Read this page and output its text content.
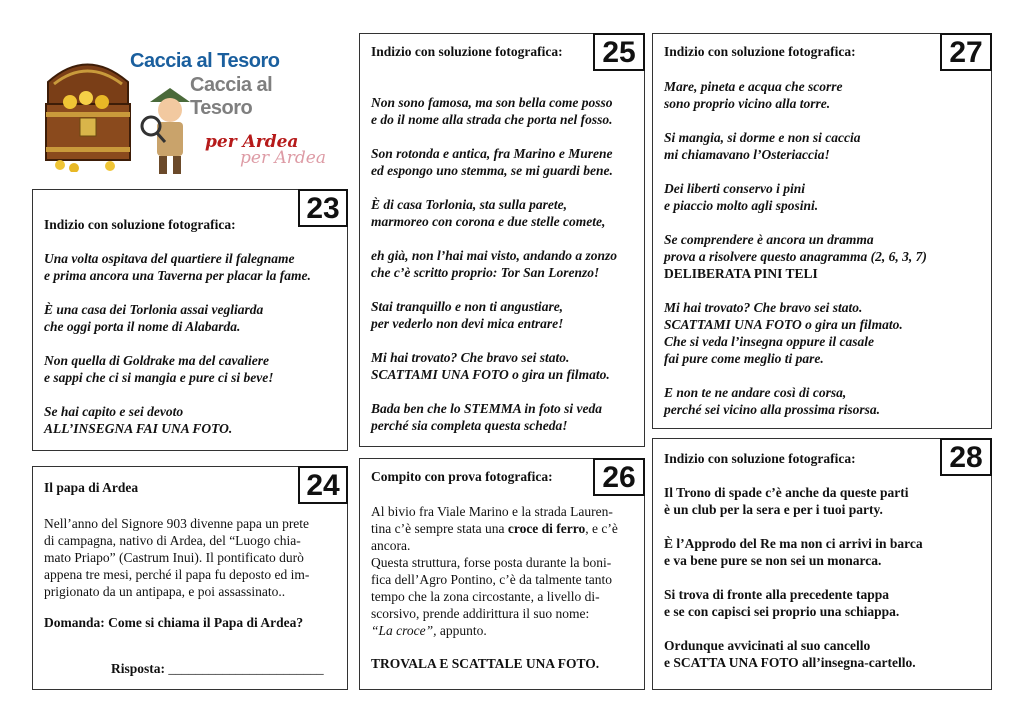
Caccia al Tesoro
Caccia al Tesoro
per Ardea
per Ardea
23
Indizio con soluzione fotografica:
Una volta ospitava del quartiere il falegname
e prima ancora una Taverna per placar la fame.
È una casa dei Torlonia assai vegliarda
che oggi porta il nome di Alabarda.
Non quella di Goldrake ma del cavaliere
e sappi che ci si mangia e pure ci si beve!
Se hai capito e sei devoto
ALL’INSEGNA FAI UNA FOTO.
24
Il papa di Ardea
Nell’anno del Signore 903 divenne papa un prete
di campagna, nativo di Ardea, del “Luogo chia-
mato Priapo” (Castrum Inui). Il pontificato durò
appena tre mesi, perché il papa fu deposto ed im-
prigionato da un antipapa, e poi assassinato..
Domanda: Come si chiama il Papa di Ardea?
Risposta: _______________________
25
Indizio con soluzione fotografica:
Non sono famosa, ma son bella come posso
e do il nome alla strada che porta nel fosso.
Son rotonda e antica, fra Marino e Murene
ed espongo uno stemma, se mi guardi bene.
È di casa Torlonia, sta sulla parete,
marmoreo con corona e due stelle comete,
eh già, non l’hai mai visto, andando a zonzo
che c’è scritto proprio: Tor San Lorenzo!
Stai tranquillo e non ti angustiare,
per vederlo non devi mica entrare!
Mi hai trovato? Che bravo sei stato.
SCATTAMI UNA FOTO o gira un filmato.
Bada ben che lo STEMMA in foto si veda
perché sia completa questa scheda!
26
Compito con prova fotografica:
Al bivio fra Viale Marino e la strada Lauren-
tina c’è sempre stata una croce di ferro, e c’è
ancora.
Questa struttura, forse posta durante la boni-
fica dell’Agro Pontino, c’è da talmente tanto
tempo che la zona circostante, a livello di-
scorsivo, prende addirittura il suo nome:
“La croce”, appunto.
TROVALA E SCATTALE UNA FOTO.
27
Indizio con soluzione fotografica:
Mare, pineta e acqua che scorre
sono proprio vicino alla torre.
Si mangia, si dorme e non si caccia
mi chiamavano l’Osteriaccia!
Dei liberti conservo i pini
e piaccio molto agli sposini.
Se comprendere è ancora un dramma
prova a risolvere questo anagramma (2, 6, 3, 7)
DELIBERATA PINI TELI
Mi hai trovato? Che bravo sei stato.
SCATTAMI UNA FOTO o gira un filmato.
Che si veda l’insegna oppure il casale
fai pure come meglio ti pare.
E non te ne andare così di corsa,
perché sei vicino alla prossima risorsa.
28
Indizio con soluzione fotografica:
Il Trono di spade c’è anche da queste parti
è un club per la sera e per i tuoi party.
È l’Approdo del Re ma non ci arrivi in barca
e va bene pure se non sei un monarca.
Si trova di fronte alla precedente tappa
e se con capisci sei proprio una schiappa.
Ordunque avvicinati al suo cancello
e SCATTA UNA FOTO all’insegna-cartello.
